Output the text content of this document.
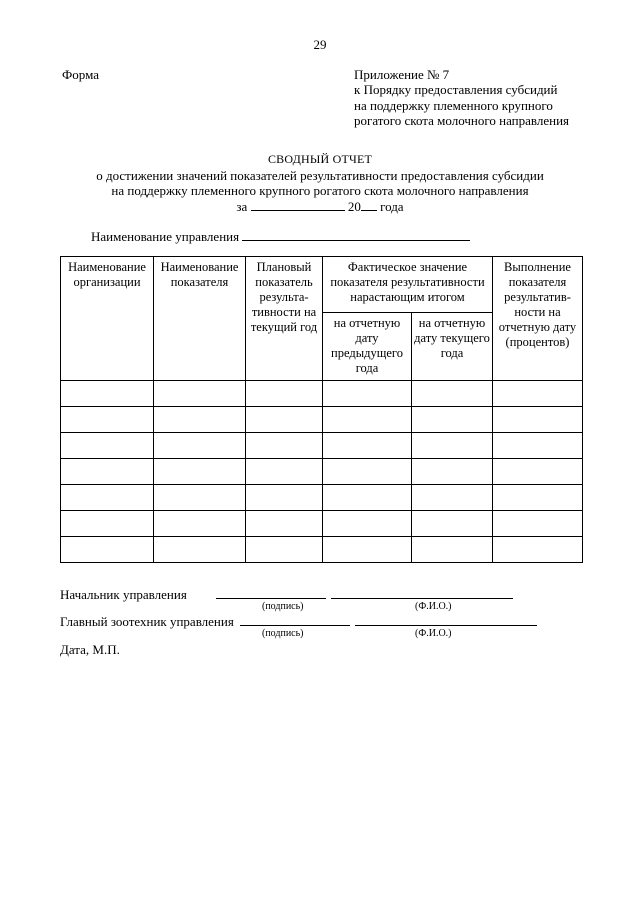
29
Форма	Приложение № 7
к Порядку предоставления субсидий
на поддержку племенного крупного
рогатого скота молочного направления
СВОДНЫЙ ОТЧЕТ
о достижении значений показателей результативности предоставления субсидии
на поддержку племенного крупного рогатого скота молочного направления
за	20 года
Наименование управления
Наименование организации	Наименование показателя	Плановый показатель результа-тивности на текущий год	Фактическое значение показателя результативности нарастающим итогом		Выполнение показателя результатив-ности на отчетную дату (процентов)
			на отчетную дату предыдущего года	на отчетную дату текущего года	

Начальник управления
(подпись)	(Ф.И.О.)
Главный зоотехник управления
(подпись)	(Ф.И.О.)
Дата, М.П.
